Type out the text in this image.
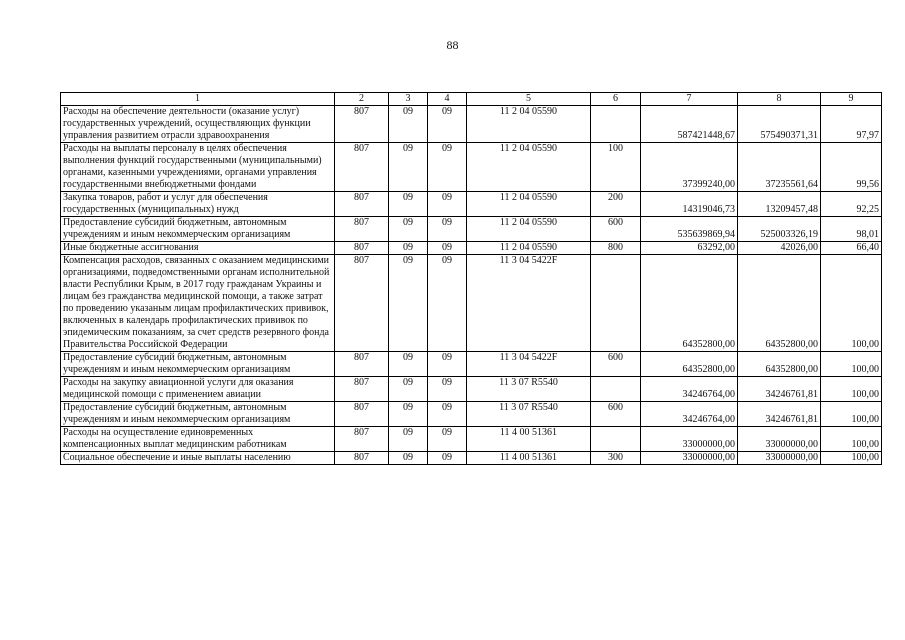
88
1	2	3	4	5	6	7	8	9
Расходы на обеспечение деятельности (оказание услуг) государственных учреждений, осуществляющих функции управления развитием отрасли здравоохранения	807	09	09	11 2 04 05590		587421448,67	575490371,31	97,97
Расходы на выплаты персоналу в целях обеспечения выполнения функций государственными (муниципальными) органами, казенными учреждениями, органами управления государственными внебюджетными фондами	807	09	09	11 2 04 05590	100	37399240,00	37235561,64	99,56
Закупка товаров, работ и услуг для обеспечения государственных (муниципальных) нужд	807	09	09	11 2 04 05590	200	14319046,73	13209457,48	92,25
Предоставление субсидий бюджетным, автономным учреждениям и иным некоммерческим организациям	807	09	09	11 2 04 05590	600	535639869,94	525003326,19	98,01
Иные бюджетные ассигнования	807	09	09	11 2 04 05590	800	63292,00	42026,00	66,40
Компенсация расходов, связанных с оказанием медицинскими организациями, подведомственными органам исполнительной власти Республики Крым, в 2017 году гражданам Украины и лицам без гражданства медицинской помощи, а также затрат по проведению указаным лицам профилактических прививок, включенных в календарь профилактических прививок по эпидемическим показаниям, за счет средств резервного фонда Правительства Российской Федерации	807	09	09	11 3 04 5422F		64352800,00	64352800,00	100,00
Предоставление субсидий бюджетным, автономным учреждениям и иным некоммерческим организациям	807	09	09	11 3 04 5422F	600	64352800,00	64352800,00	100,00
Расходы на закупку авиационной услуги для оказания медицинской помощи с применением авиации	807	09	09	11 3 07 R5540		34246764,00	34246761,81	100,00
Предоставление субсидий бюджетным, автономным учреждениям и иным некоммерческим организациям	807	09	09	11 3 07 R5540	600	34246764,00	34246761,81	100,00
Расходы на осуществление единовременных компенсационных выплат медицинским работникам	807	09	09	11 4 00 51361		33000000,00	33000000,00	100,00
Социальное обеспечение и иные выплаты населению	807	09	09	11 4 00 51361	300	33000000,00	33000000,00	100,00
